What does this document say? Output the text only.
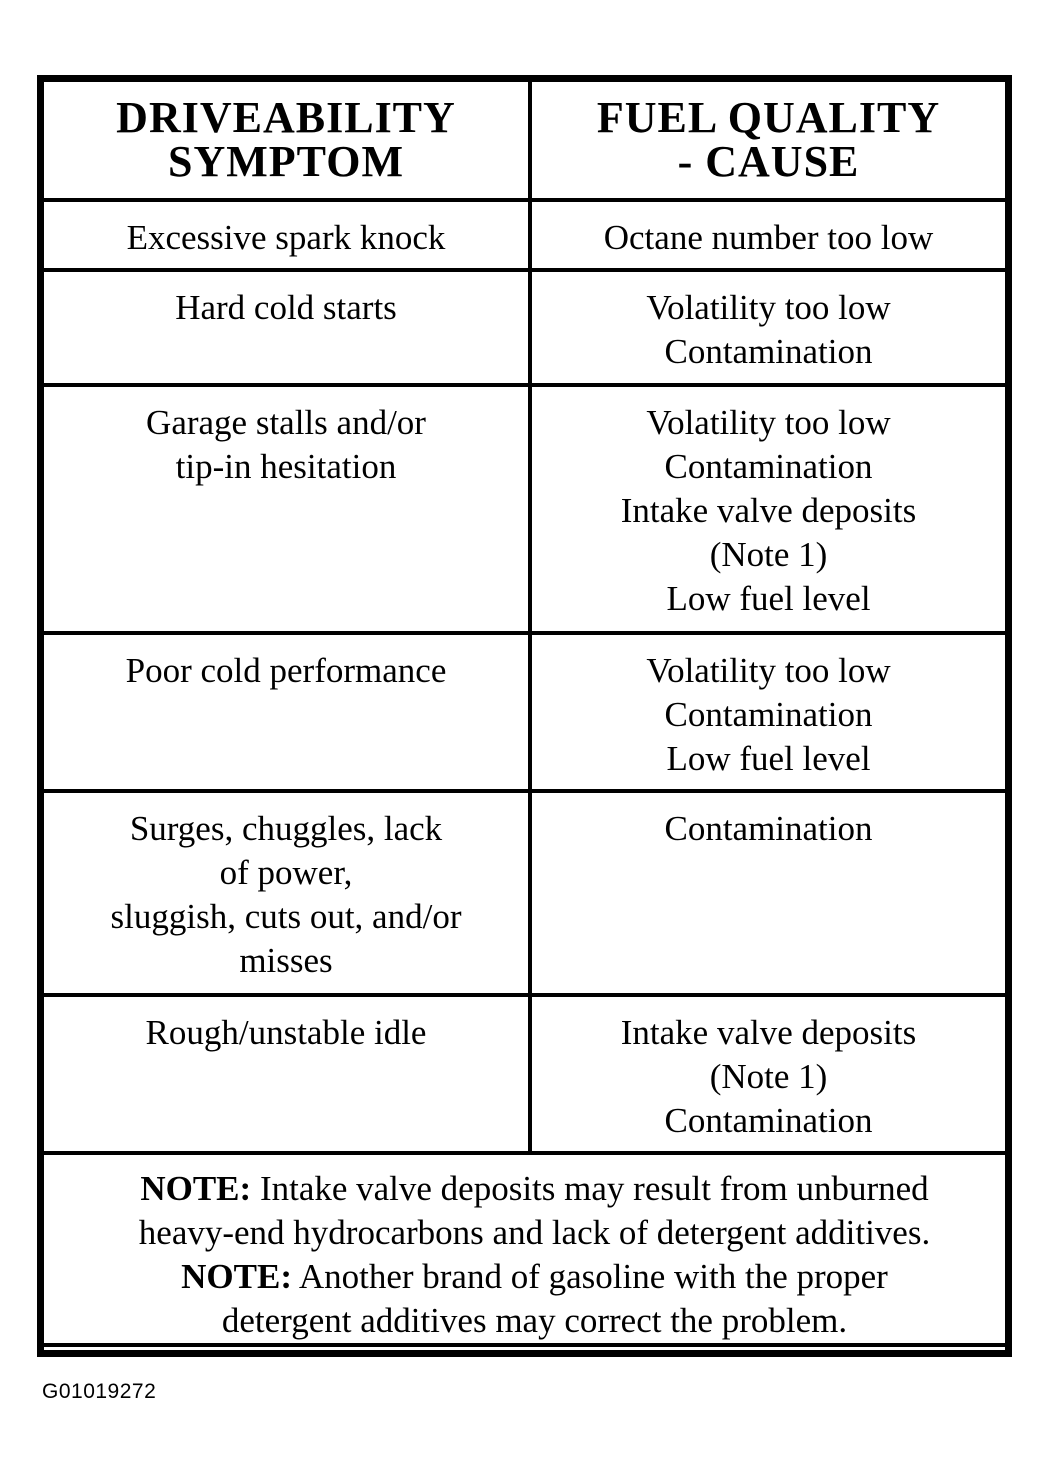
DRIVEABILITY
SYMPTOM	FUEL QUALITY
- CAUSE

Excessive spark knock	Octane number too low

Hard cold starts	Volatility too low
Contamination

Garage stalls and/or
tip-in hesitation	Volatility too low
Contamination
Intake valve deposits
(Note 1)
Low fuel level

Poor cold performance	Volatility too low
Contamination
Low fuel level

Surges, chuggles, lack
of power,
sluggish, cuts out, and/or
misses	Contamination

Rough/unstable idle	Intake valve deposits
(Note 1)
Contamination

NOTE: Intake valve deposits may result from unburned
heavy-end hydrocarbons and lack of detergent additives.
NOTE: Another brand of gasoline with the proper
detergent additives may correct the problem.	
G01019272
